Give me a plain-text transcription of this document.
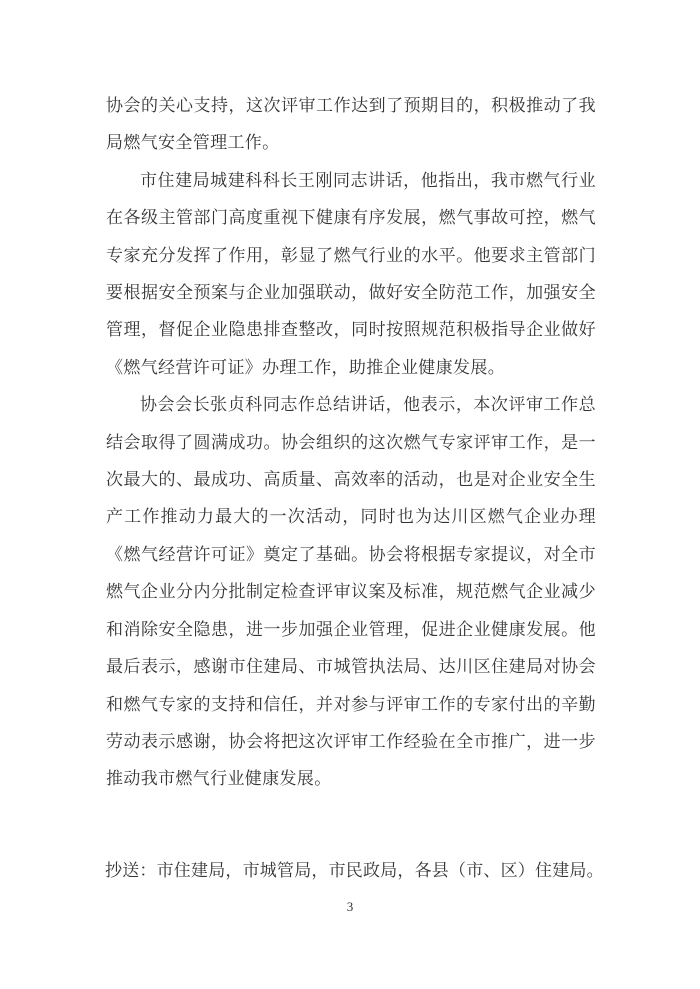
协会的关心支持，这次评审工作达到了预期目的，积极推动了我局燃气安全管理工作。

市住建局城建科科长王刚同志讲话，他指出，我市燃气行业在各级主管部门高度重视下健康有序发展，燃气事故可控，燃气专家充分发挥了作用，彰显了燃气行业的水平。他要求主管部门要根据安全预案与企业加强联动，做好安全防范工作，加强安全管理，督促企业隐患排查整改，同时按照规范积极指导企业做好《燃气经营许可证》办理工作，助推企业健康发展。

协会会长张贞科同志作总结讲话，他表示，本次评审工作总结会取得了圆满成功。协会组织的这次燃气专家评审工作，是一次最大的、最成功、高质量、高效率的活动，也是对企业安全生产工作推动力最大的一次活动，同时也为达川区燃气企业办理《燃气经营许可证》奠定了基础。协会将根据专家提议，对全市燃气企业分内分批制定检查评审议案及标准，规范燃气企业减少和消除安全隐患，进一步加强企业管理，促进企业健康发展。他最后表示，感谢市住建局、市城管执法局、达川区住建局对协会和燃气专家的支持和信任，并对参与评审工作的专家付出的辛勤劳动表示感谢，协会将把这次评审工作经验在全市推广，进一步推动我市燃气行业健康发展。

抄送：市住建局，市城管局，市民政局，各县（市、区）住建局。
3
